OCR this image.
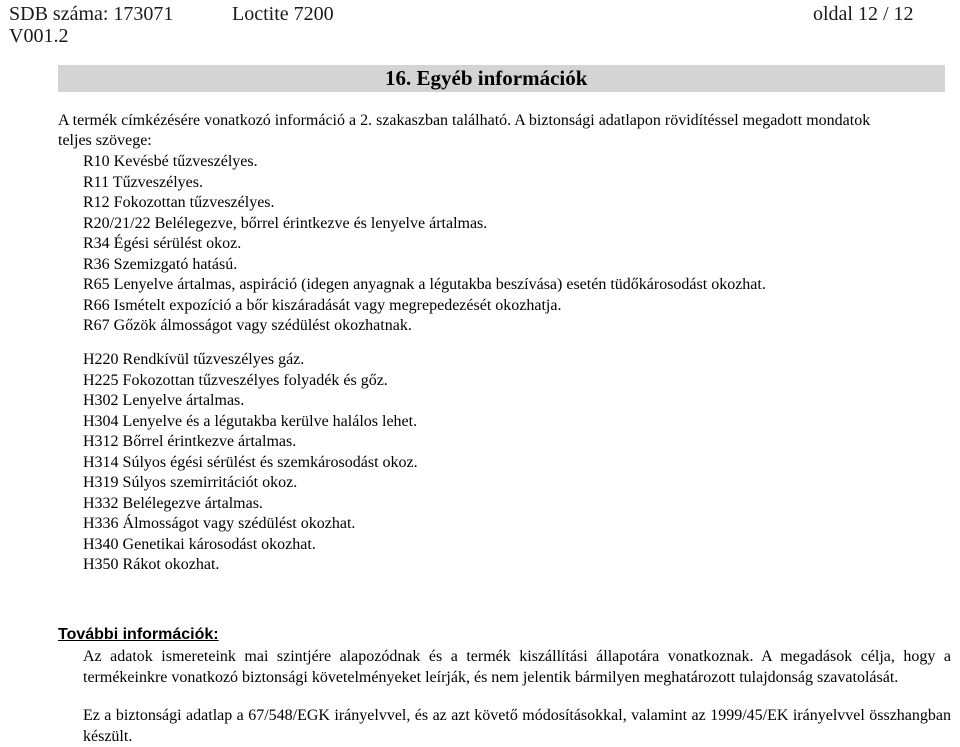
SDB száma: 173071	Loctite 7200	oldal 12 / 12
V001.2
16. Egyéb információk
A termék címkézésére vonatkozó információ a 2. szakaszban található. A biztonsági adatlapon rövidítéssel megadott mondatok
teljes szövege:
R10 Kevésbé tűzveszélyes.
R11 Tűzveszélyes.
R12 Fokozottan tűzveszélyes.
R20/21/22 Belélegezve, bőrrel érintkezve és lenyelve ártalmas.
R34 Égési sérülést okoz.
R36 Szemizgató hatású.
R65 Lenyelve ártalmas, aspiráció (idegen anyagnak a légutakba beszívása) esetén tüdőkárosodást okozhat.
R66 Ismételt expozíció a bőr kiszáradását vagy megrepedezését okozhatja.
R67 Gőzök álmosságot vagy szédülést okozhatnak.
H220 Rendkívül tűzveszélyes gáz.
H225 Fokozottan tűzveszélyes folyadék és gőz.
H302 Lenyelve ártalmas.
H304 Lenyelve és a légutakba kerülve halálos lehet.
H312 Bőrrel érintkezve ártalmas.
H314 Súlyos égési sérülést és szemkárosodást okoz.
H319 Súlyos szemirritációt okoz.
H332 Belélegezve ártalmas.
H336 Álmosságot vagy szédülést okozhat.
H340 Genetikai károsodást okozhat.
H350 Rákot okozhat.
További információk:
Az adatok ismereteink mai szintjére alapozódnak és a termék kiszállítási állapotára vonatkoznak. A megadások célja, hogy a termékeinkre vonatkozó biztonsági követelményeket leírják, és nem jelentik bármilyen meghatározott tulajdonság szavatolását.
Ez a biztonsági adatlap a 67/548/EGK irányelvvel, és az azt követő módosításokkal, valamint az 1999/45/EK irányelvvel összhangban készült.
